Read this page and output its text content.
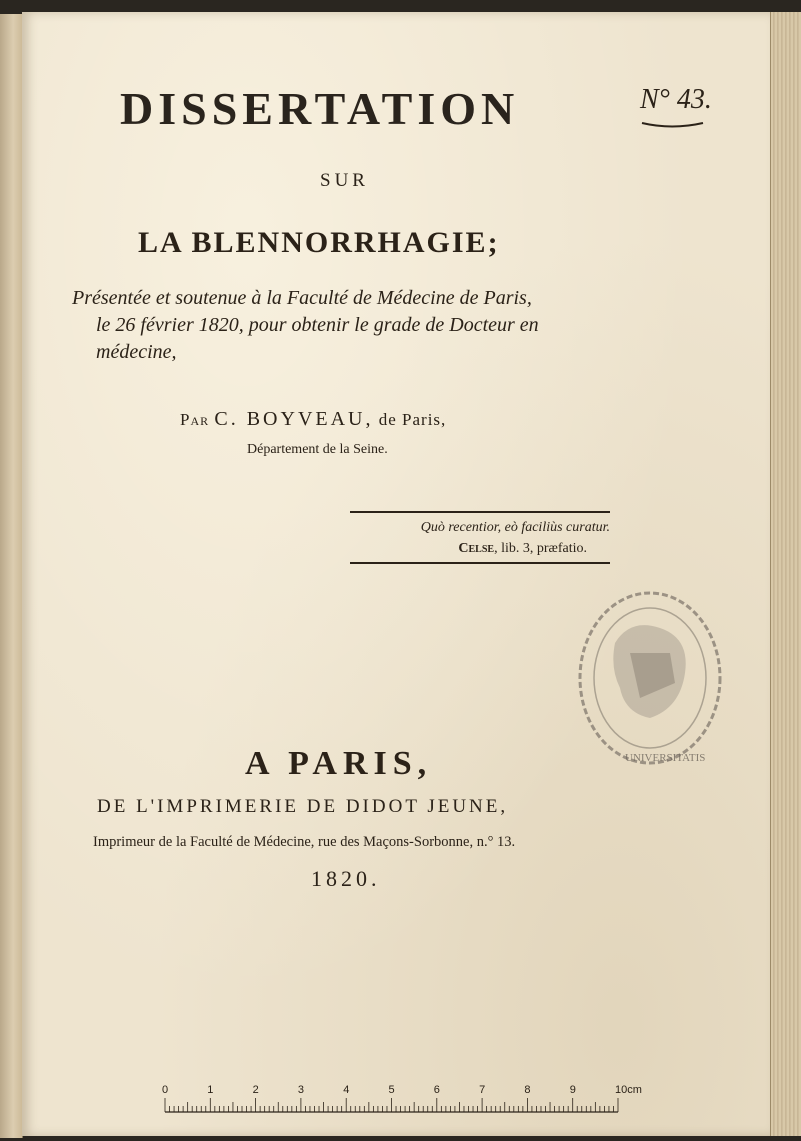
DISSERTATION	N° 43.
SUR
LA BLENNORRHAGIE;
Présentée et soutenue à la Faculté de Médecine de Paris,
le 26 février 1820, pour obtenir le grade de Docteur en
médecine,
Par C. BOYVEAU, de Paris,
Département de la Seine.
Quò recentior, eò faciliùs curatur.
Celse, lib. 3, præfatio.
UNIVERSITATIS
A PARIS,
DE L'IMPRIMERIE DE DIDOT JEUNE,
Imprimeur de la Faculté de Médecine, rue des Maçons-Sorbonne, n.° 13.
1820.
0	1	2	3	4	5	6	7	8	9	10cm
